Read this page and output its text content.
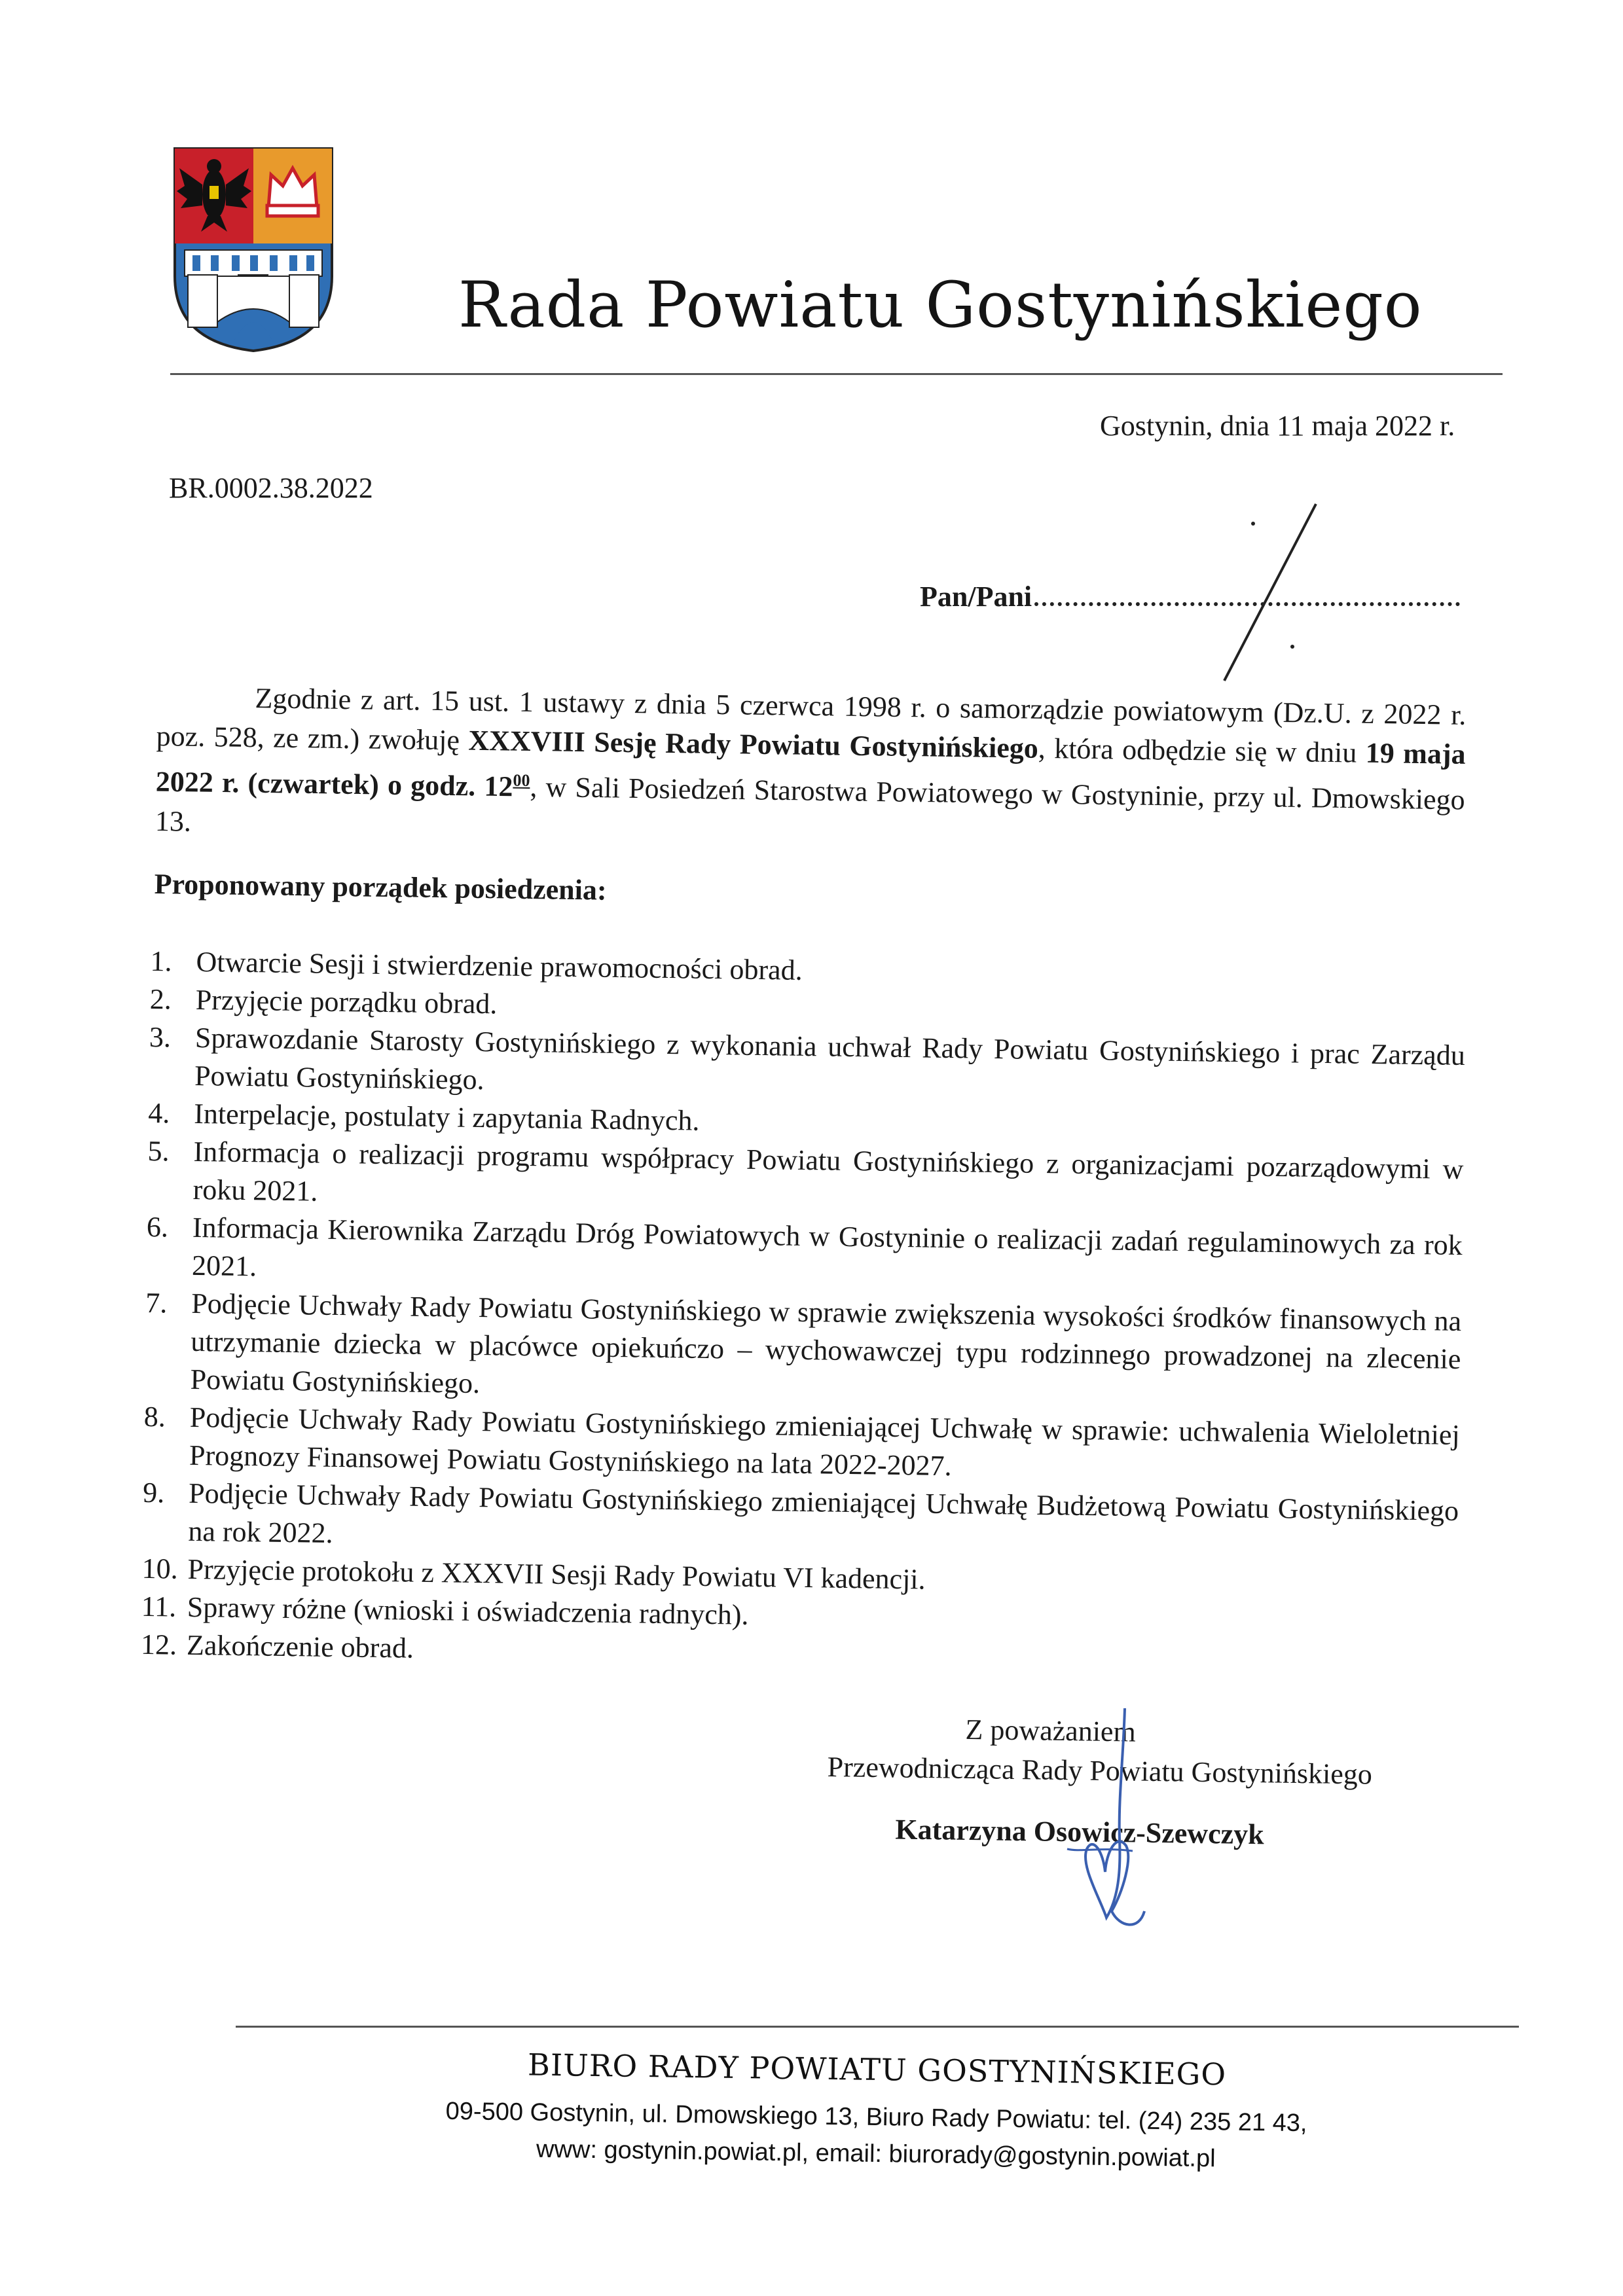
Rada Powiatu Gostynińskiego
Gostynin, dnia 11 maja 2022 r.
BR.0002.38.2022
Pan/Pani
Zgodnie z art. 15 ust. 1 ustawy z dnia 5 czerwca 1998 r. o samorządzie powiatowym (Dz.U. z 2022 r. poz. 528, ze zm.) zwołuję XXXVIII Sesję Rady Powiatu Gostynińskiego, która odbędzie się w dniu 19 maja 2022 r. (czwartek) o godz. $12^{00}$, w Sali Posiedzeń Starostwa Powiatowego w Gostyninie, przy ul. Dmowskiego 13.
Proponowany porządek posiedzenia:
1. Otwarcie Sesji i stwierdzenie prawomocności obrad.
2. Przyjęcie porządku obrad.
3. Sprawozdanie Starosty Gostynińskiego z wykonania uchwał Rady Powiatu Gostynińskiego i prac Zarządu Powiatu Gostynińskiego.
4. Interpelacje, postulaty i zapytania Radnych.
5. Informacja o realizacji programu współpracy Powiatu Gostynińskiego z organizacjami pozarządowymi w roku 2021.
6. Informacja Kierownika Zarządu Dróg Powiatowych w Gostyninie o realizacji zadań regulaminowych za rok 2021.
7. Podjęcie Uchwały Rady Powiatu Gostynińskiego w sprawie zwiększenia wysokości środków finansowych na utrzymanie dziecka w placówce opiekuńczo – wychowawczej typu rodzinnego prowadzonej na zlecenie Powiatu Gostynińskiego.
8. Podjęcie Uchwały Rady Powiatu Gostynińskiego zmieniającej Uchwałę w sprawie: uchwalenia Wieloletniej Prognozy Finansowej Powiatu Gostynińskiego na lata 2022-2027.
9. Podjęcie Uchwały Rady Powiatu Gostynińskiego zmieniającej Uchwałę Budżetową Powiatu Gostynińskiego na rok 2022.
10. Przyjęcie protokołu z XXXVII Sesji Rady Powiatu VI kadencji.
11. Sprawy różne (wnioski i oświadczenia radnych).
12. Zakończenie obrad.
Z poważaniem
Przewodnicząca Rady Powiatu Gostynińskiego
Katarzyna Osowicz-Szewczyk
BIURO RADY POWIATU GOSTYNIŃSKIEGO
09-500 Gostynin, ul. Dmowskiego 13, Biuro Rady Powiatu: tel. (24) 235 21 43,
www: gostynin.powiat.pl, email: biurorady@gostynin.powiat.pl
